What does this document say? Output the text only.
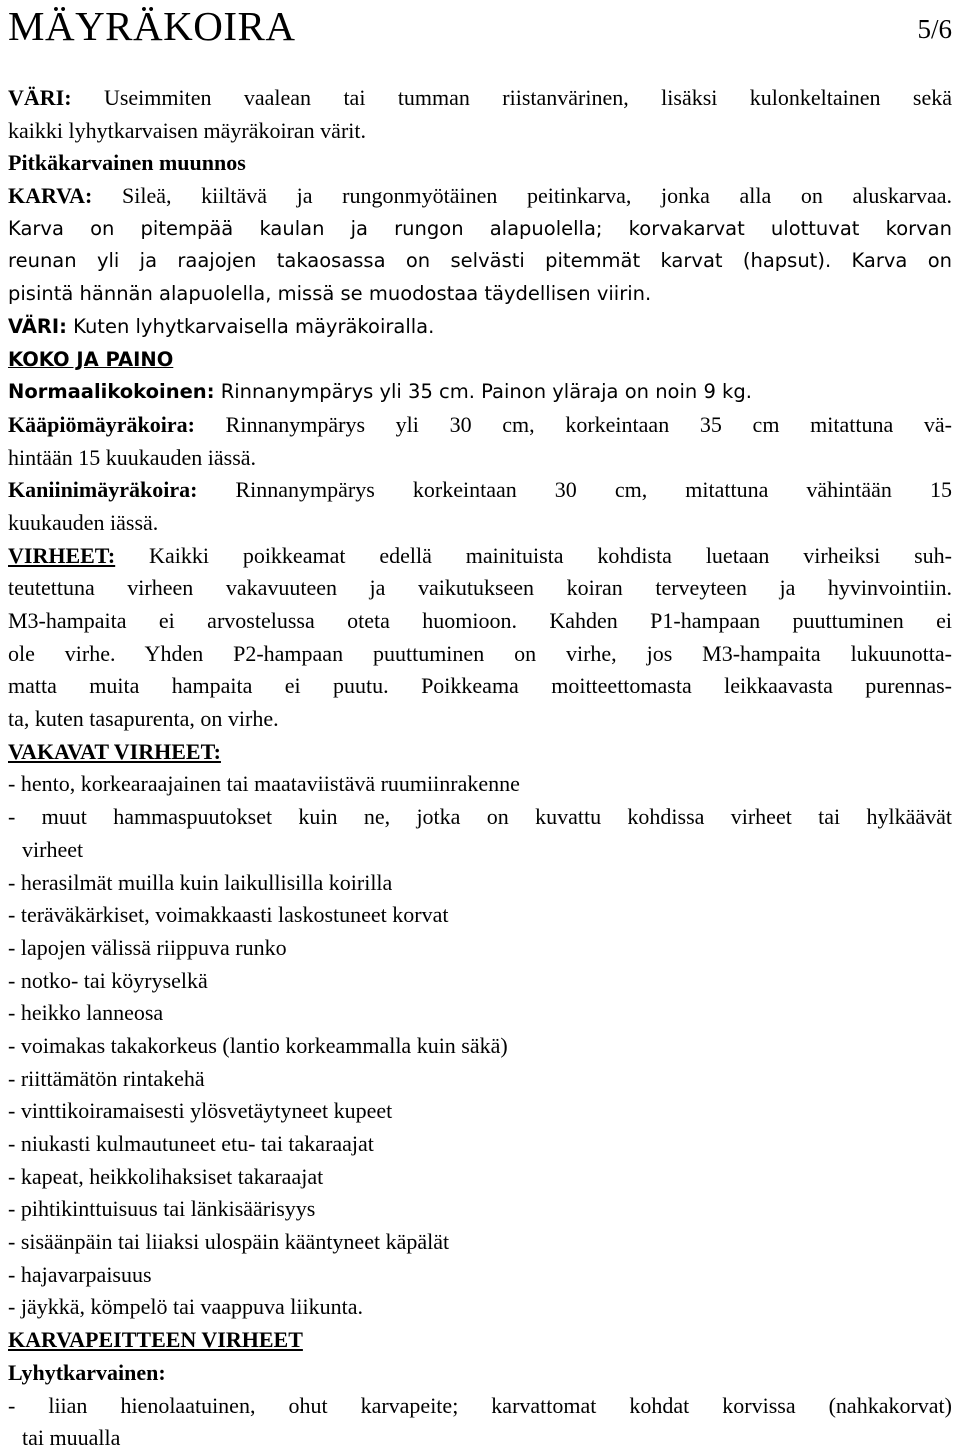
MÄYRÄKOIRA	5/6
VÄRI: Useimmiten vaalean tai tumman riistanvärinen, lisäksi kulonkeltainen sekä
kaikki lyhytkarvaisen mäyräkoiran värit.
Pitkäkarvainen muunnos
KARVA: Sileä, kiiltävä ja rungonmyötäinen peitinkarva, jonka alla on aluskarvaa.
Karva on pitempää kaulan ja rungon alapuolella; korvakarvat ulottuvat korvan
reunan yli ja raajojen takaosassa on selvästi pitemmät karvat (hapsut). Karva on
pisintä hännän alapuolella, missä se muodostaa täydellisen viirin.
VÄRI: Kuten lyhytkarvaisella mäyräkoiralla.
KOKO JA PAINO
Normaalikokoinen: Rinnanympärys yli 35 cm. Painon yläraja on noin 9 kg.
Kääpiömäyräkoira: Rinnanympärys yli 30 cm, korkeintaan 35 cm mitattuna vä-
hintään 15 kuukauden iässä.
Kaniinimäyräkoira: Rinnanympärys korkeintaan 30 cm, mitattuna vähintään 15
kuukauden iässä.
VIRHEET: Kaikki poikkeamat edellä mainituista kohdista luetaan virheiksi suh-
teutettuna virheen vakavuuteen ja vaikutukseen koiran terveyteen ja hyvinvointiin.
M3-hampaita ei arvostelussa oteta huomioon. Kahden P1-hampaan puuttuminen ei
ole virhe. Yhden P2-hampaan puuttuminen on virhe, jos M3-hampaita lukuunotta-
matta muita hampaita ei puutu. Poikkeama moitteettomasta leikkaavasta purennas-
ta, kuten tasapurenta, on virhe.
VAKAVAT VIRHEET:
- hento, korkearaajainen tai maataviistävä ruumiinrakenne
- muut hammaspuutokset kuin ne, jotka on kuvattu kohdissa virheet tai hylkäävät
virheet
- herasilmät muilla kuin laikullisilla koirilla
- teräväkärkiset, voimakkaasti laskostuneet korvat
- lapojen välissä riippuva runko
- notko- tai köyryselkä
- heikko lanneosa
- voimakas takakorkeus (lantio korkeammalla kuin säkä)
- riittämätön rintakehä
- vinttikoiramaisesti ylösvetäytyneet kupeet
- niukasti kulmautuneet etu- tai takaraajat
- kapeat, heikkolihaksiset takaraajat
- pihtikinttuisuus tai länkisäärisyys
- sisäänpäin tai liiaksi ulospäin kääntyneet käpälät
- hajavarpaisuus
- jäykkä, kömpelö tai vaappuva liikunta.
KARVAPEITTEEN VIRHEET
Lyhytkarvainen:
- liian hienolaatuinen, ohut karvapeite; karvattomat kohdat korvissa (nahkakorvat)
tai muualla
